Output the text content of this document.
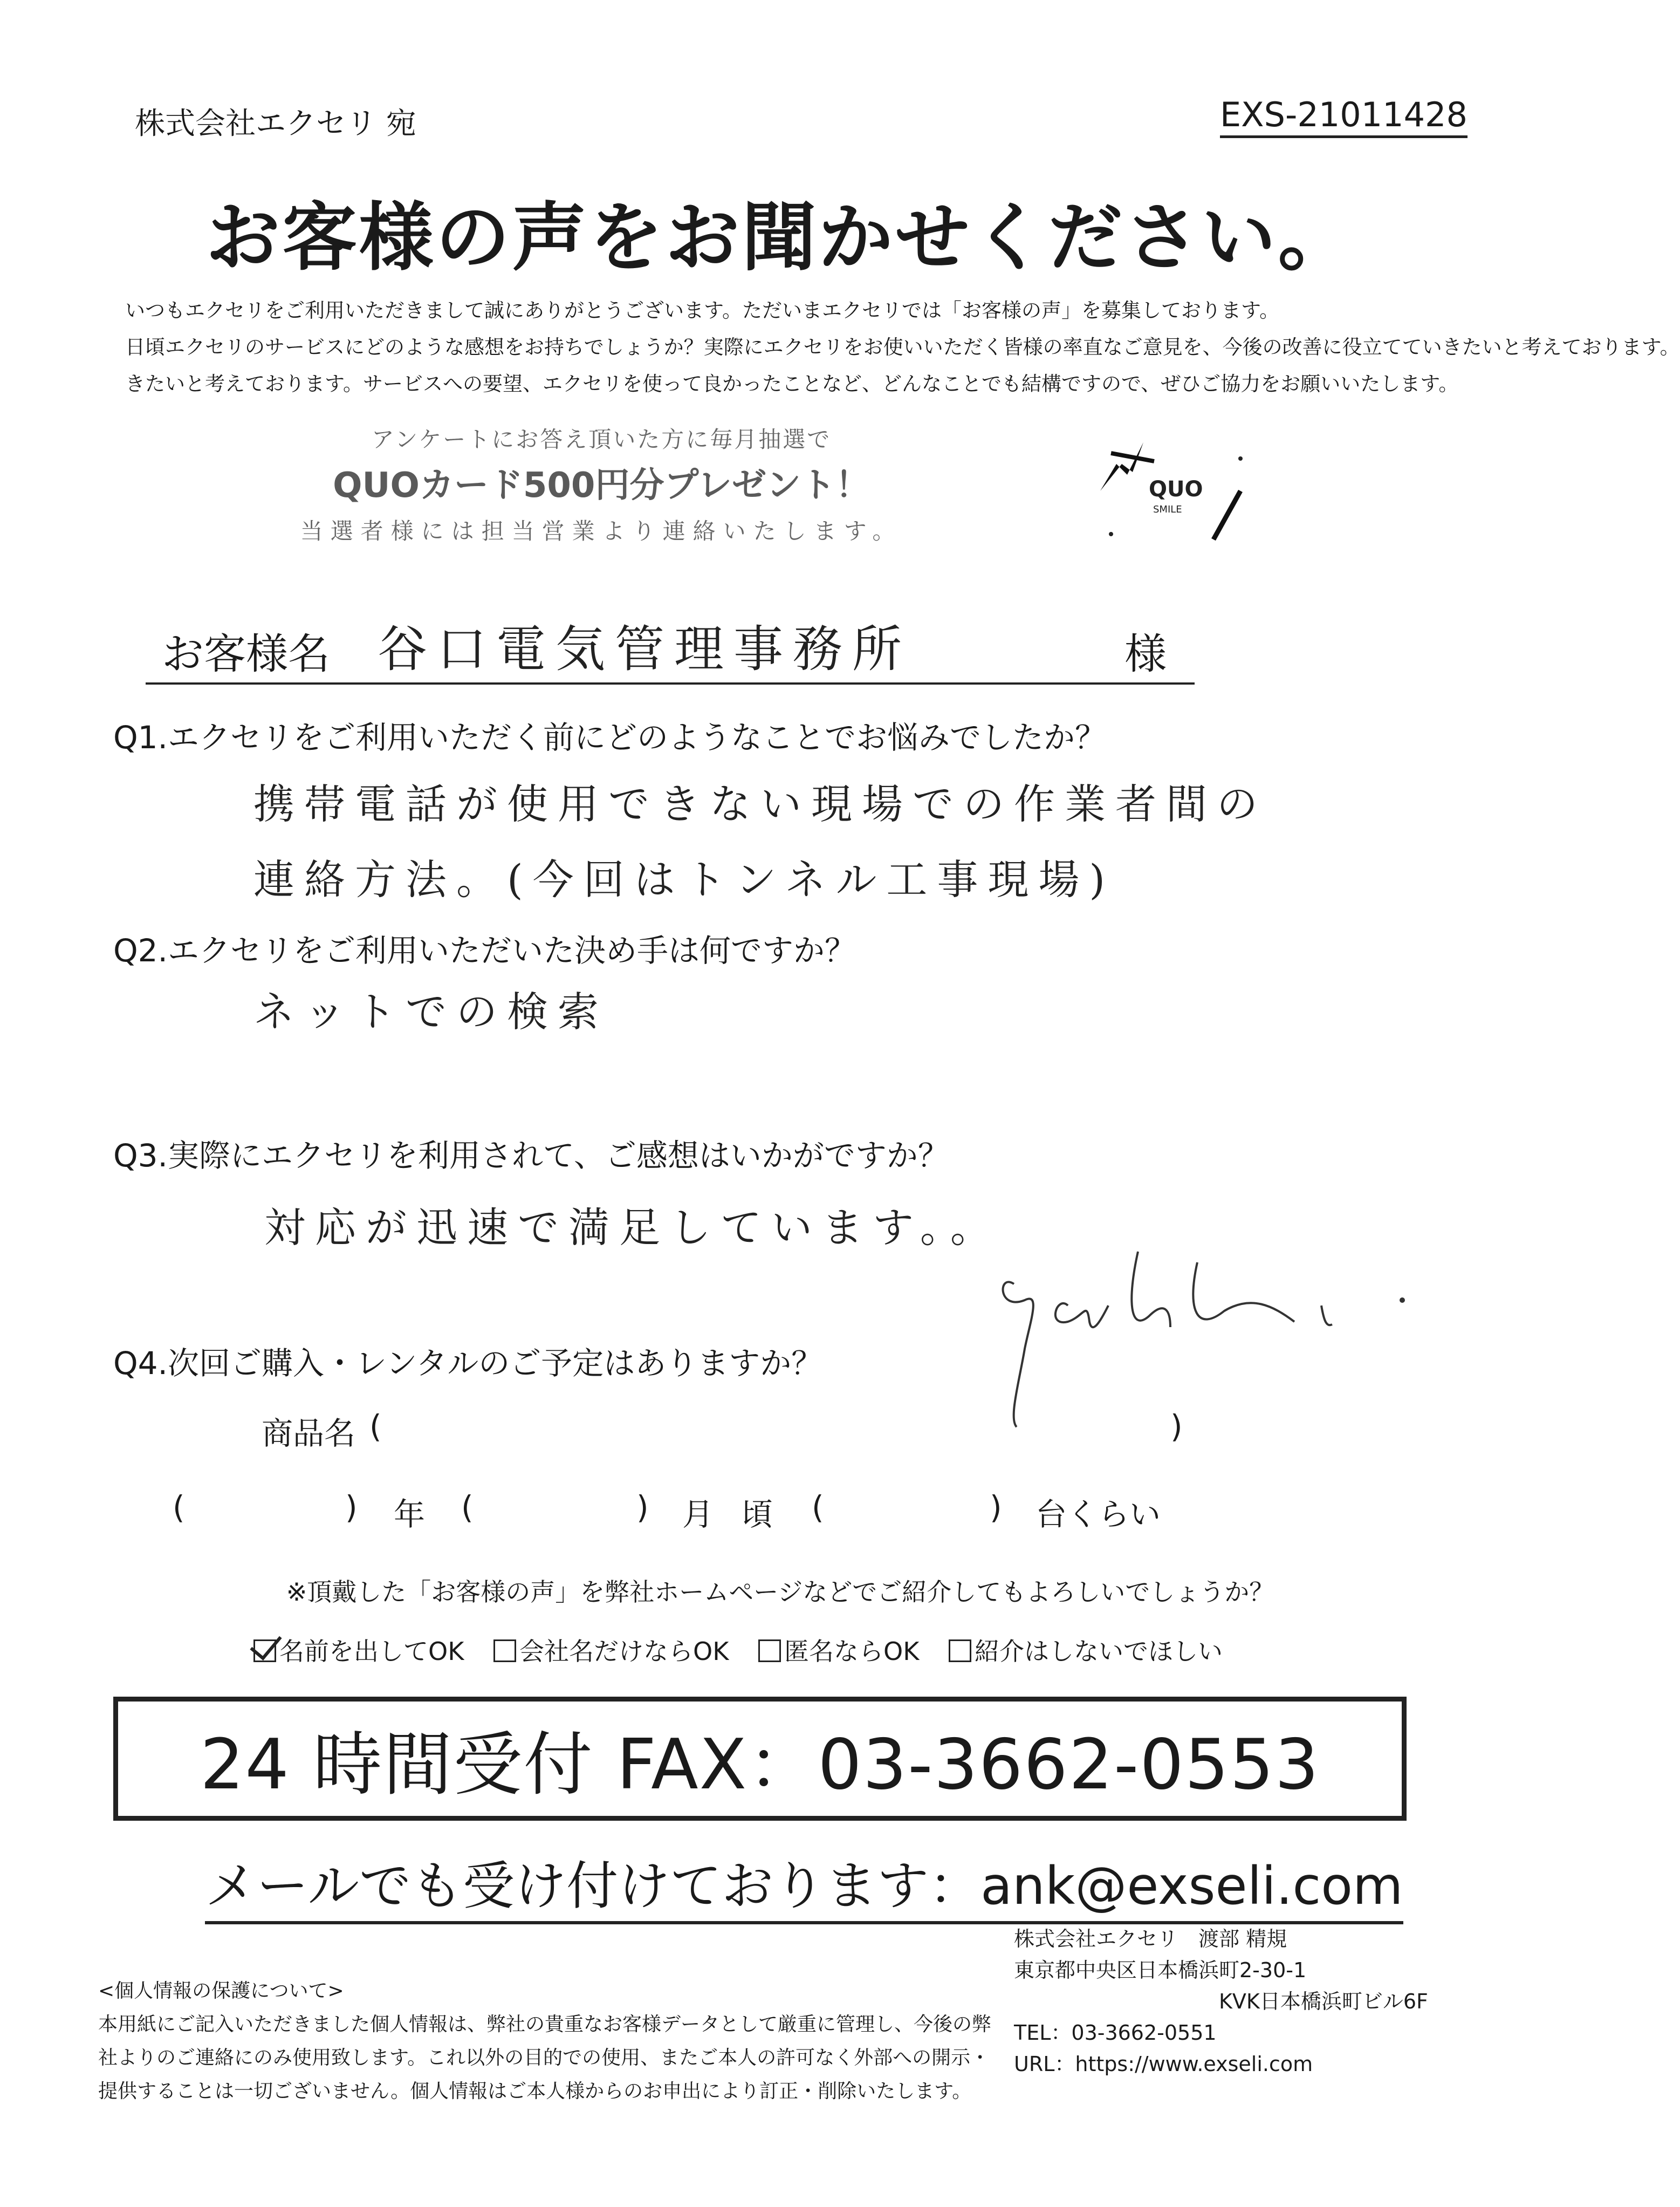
株式会社エクセリ 宛	EXS-21011428
お客様の声をお聞かせください。
いつもエクセリをご利用いただきまして誠にありがとうございます。ただいまエクセリでは「お客様の声」を募集しております。
日頃エクセリのサービスにどのような感想をお持ちでしょうか？実際にエクセリをお使いいただく皆様の率直なご意見を、今後の改善に役立てていきたいと考えております。
きたいと考えております。サービスへの要望、エクセリを使って良かったことなど、どんなことでも結構ですので、ぜひご協力をお願いいたします。
アンケートにお答え頂いた方に毎月抽選で
QUOカード500円分プレゼント！
当選者様には担当営業より連絡いたします。
QUO
SMILE
お客様名 谷口電気管理事務所	様
Q1.エクセリをご利用いただく前にどのようなことでお悩みでしたか？
携帯電話が使用できない現場での作業者間の
連絡方法。(今回はトンネル工事現場)
Q2.エクセリをご利用いただいた決め手は何ですか？
ネットでの検索
Q3.実際にエクセリを利用されて、ご感想はいかがですか？
対応が迅速で満足しています。。
Q4.次回ご購入・レンタルのご予定はありますか？
商品名 (	)
(	) 年 (	) 月 頃 (	) 台くらい
※頂戴した「お客様の声」を弊社ホームページなどでご紹介してもよろしいでしょうか？
名前を出してOK 会社名だけならOK 匿名ならOK 紹介はしないでほしい
24 時間受付 FAX：03-3662-0553
メールでも受け付けております：ank@exseli.com
株式会社エクセリ　渡部 精規
東京都中央区日本橋浜町2-30-1
KVK日本橋浜町ビル6F
TEL：03-3662-0551
URL：https://www.exseli.com
<個人情報の保護について>
本用紙にご記入いただきました個人情報は、弊社の貴重なお客様データとして厳重に管理し、今後の弊
社よりのご連絡にのみ使用致します。これ以外の目的での使用、またご本人の許可なく外部への開示・
提供することは一切ございません。個人情報はご本人様からのお申出により訂正・削除いたします。
